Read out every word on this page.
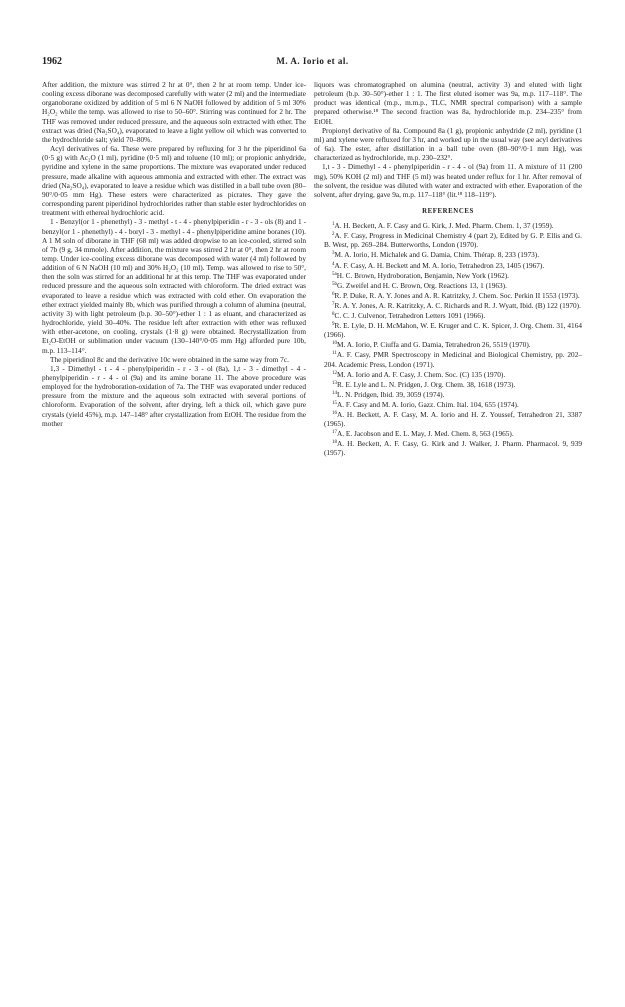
1962	M. A. Iorio et al.

After addition, the mixture was stirred 2 hr at 0°, then 2 hr at room temp. Under ice-cooling excess diborane was decomposed carefully with water (2 ml) and the intermediate organoborane oxidized by addition of 5 ml 6 N NaOH followed by addition of 5 ml 30% H₂O₂ while the temp. was allowed to rise to 50–60°. Stirring was continued for 2 hr. The THF was removed under reduced pressure, and the aqueous soln extracted with ether. The extract was dried (Na₂SO₄), evaporated to leave a light yellow oil which was converted to the hydrochloride salt; yield 70–80%.

Acyl derivatives of 6a. These were prepared by refluxing for 3 hr the piperidinol 6a (0·5 g) with Ac₂O (1 ml), pyridine (0·5 ml) and toluene (10 ml); or propionic anhydride, pyridine and xylene in the same proportions. The mixture was evaporated under reduced pressure, made alkaline with aqueous ammonia and extracted with ether. The extract was dried (Na₂SO₄), evaporated to leave a residue which was distilled in a ball tube oven (80–90°/0·05 mm Hg). These esters were characterized as picrates. They gave the corresponding parent piperidinol hydrochlorides rather than stable ester hydrochlorides on treatment with ethereal hydrochloric acid.

1 - Benzyl(or 1 - phenethyl) - 3 - methyl - t - 4 - phenylpiperidin - r - 3 - ols (8) and 1 - benzyl(or 1 - phenethyl) - 4 - boryl - 3 - methyl - 4 - phenylpiperidine amine boranes (10). A 1 M soln of diborane in THF (68 ml) was added dropwise to an ice-cooled, stirred soln of 7b (9 g, 34 mmole). After addition, the mixture was stirred 2 hr at 0°, then 2 hr at room temp. Under ice-cooling excess diborane was decomposed with water (4 ml) followed by addition of 6 N NaOH (10 ml) and 30% H₂O₂ (10 ml). Temp. was allowed to rise to 50°, then the soln was stirred for an additional hr at this temp. The THF was evaporated under reduced pressure and the aqueous soln extracted with chloroform. The dried extract was evaporated to leave a residue which was extracted with cold ether. On evaporation the ether extract yielded mainly 8b, which was purified through a column of alumina (neutral, activity 3) with light petroleum (b.p. 30–50°)-ether 1 : 1 as eluant, and characterized as hydrochloride, yield 30–40%. The residue left after extraction with ether was refluxed with ether-acetone, on cooling, crystals (1·8 g) were obtained. Recrystallization from Et₂O-EtOH or sublimation under vacuum (130–140°/0·05 mm Hg) afforded pure 10b, m.p. 113–114°.

The piperidinol 8c and the derivative 10c were obtained in the same way from 7c.

1,3 - Dimethyl - t - 4 - phenylpiperidin - r - 3 - ol (8a), 1,t - 3 - dimethyl - 4 - phenylpiperidin - r - 4 - ol (9a) and its amine borane 11. The above procedure was employed for the hydroboration-oxidation of 7a. The THF was evaporated under reduced pressure from the mixture and the aqueous soln extracted with several portions of chloroform. Evaporation of the solvent, after drying, left a thick oil, which gave pure crystals (yield 45%), m.p. 147–148° after crystallization from EtOH. The residue from the mother

liquors was chromatographed on alumina (neutral, activity 3) and eluted with light petroleum (b.p. 30–50°)-ether 1 : 1. The first eluted isomer was 9a, m.p. 117–118°. The product was identical (m.p., m.m.p., TLC, NMR spectral comparison) with a sample prepared otherwise.¹⁸ The second fraction was 8a, hydrochloride m.p. 234–235° from EtOH.

Propionyl derivative of 8a. Compound 8a (1 g), propionic anhydride (2 ml), pyridine (1 ml) and xylene were refluxed for 3 hr, and worked up in the usual way (see acyl derivatives of 6a). The ester, after distillation in a ball tube oven (80–90°/0·1 mm Hg), was characterized as hydrochloride, m.p. 230–232°.

1,t - 3 - Dimethyl - 4 - phenylpiperidin - r - 4 - ol (9a) from 11. A mixture of 11 (200 mg), 50% KOH (2 ml) and THF (5 ml) was heated under reflux for 1 hr. After removal of the solvent, the residue was diluted with water and extracted with ether. Evaporation of the solvent, after drying, gave 9a, m.p. 117–118° (lit.¹⁸ 118–119°).

REFERENCES

$^1$A. H. Beckett, A. F. Casy and G. Kirk, J. Med. Pharm. Chem. 1, 37 (1959).

$^2$A. F. Casy, Progress in Medicinal Chemistry 4 (part 2), Edited by G. P. Ellis and G. B. West, pp. 269–284. Butterworths, London (1970).

$^3$M. A. Iorio, H. Michalek and G. Damia, Chim. Thérap. 8, 233 (1973).

$^4$A. F. Casy, A. H. Beckett and M. A. Iorio, Tetrahedron 23, 1405 (1967).

$^{5a}$H. C. Brown, Hydroboration, Benjamin, New York (1962).

$^{5b}$G. Zweifel and H. C. Brown, Org. Reactions 13, 1 (1963).

$^6$R. P. Duke, R. A. Y. Jones and A. R. Katritzky, J. Chem. Soc. Perkin II 1553 (1973).

$^7$R. A. Y. Jones, A. R. Katritzky, A. C. Richards and R. J. Wyatt, Ibid. (B) 122 (1970).

$^8$C. C. J. Culvenor, Tetrahedron Letters 1091 (1966).

$^9$R. E. Lyle, D. H. McMahon, W. E. Kruger and C. K. Spicer, J. Org. Chem. 31, 4164 (1966).

$^{10}$M. A. Iorio, P. Ciuffa and G. Damia, Tetrahedron 26, 5519 (1970).

$^{11}$A. F. Casy, PMR Spectroscopy in Medicinal and Biological Chemistry, pp. 202–204. Academic Press, London (1971).

$^{12}$M. A. Iorio and A. F. Casy, J. Chem. Soc. (C) 135 (1970).

$^{13}$R. E. Lyle and L. N. Pridgen, J. Org. Chem. 38, 1618 (1973).

$^{14}$L. N. Pridgen, Ibid. 39, 3059 (1974).

$^{15}$A. F. Casy and M. A. Iorio, Gazz. Chim. Ital. 104, 655 (1974).

$^{16}$A. H. Beckett, A. F. Casy, M. A. Iorio and H. Z. Youssef, Tetrahedron 21, 3387 (1965).

$^{17}$A. E. Jacobson and E. L. May, J. Med. Chem. 8, 563 (1965).

$^{18}$A. H. Beckett, A. F. Casy, G. Kirk and J. Walker, J. Pharm. Pharmacol. 9, 939 (1957).
